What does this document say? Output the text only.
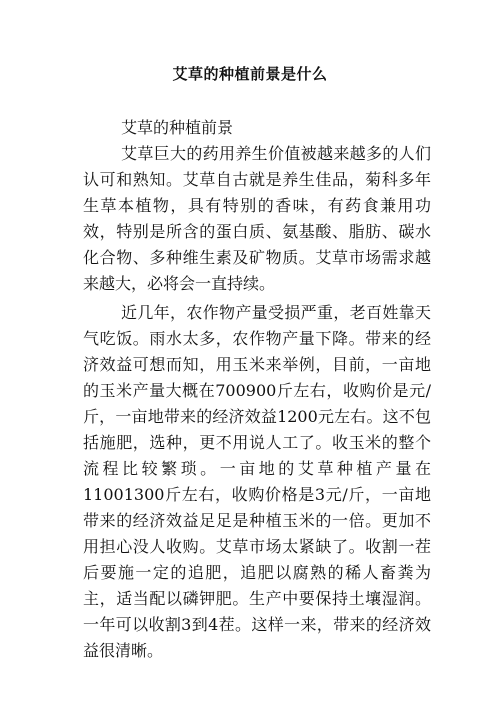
艾草的种植前景是什么

艾草的种植前景

艾草巨大的药用养生价值被越来越多的人们认可和熟知。艾草自古就是养生佳品，菊科多年生草本植物，具有特别的香味，有药食兼用功效，特别是所含的蛋白质、氨基酸、脂肪、碳水化合物、多种维生素及矿物质。艾草市场需求越来越大，必将会一直持续。

近几年，农作物产量受损严重，老百姓靠天气吃饭。雨水太多，农作物产量下降。带来的经济效益可想而知，用玉米来举例，目前，一亩地的玉米产量大概在700900斤左右，收购价是元/斤，一亩地带来的经济效益1200元左右。这不包括施肥，选种，更不用说人工了。收玉米的整个流程比较繁琐。一亩地的艾草种植产量在11001300斤左右，收购价格是3元/斤，一亩地带来的经济效益足足是种植玉米的一倍。更加不用担心没人收购。艾草市场太紧缺了。收割一茬后要施一定的追肥，追肥以腐熟的稀人畜粪为主，适当配以磷钾肥。生产中要保持土壤湿润。一年可以收割3到4茬。这样一来，带来的经济效益很清晰。
